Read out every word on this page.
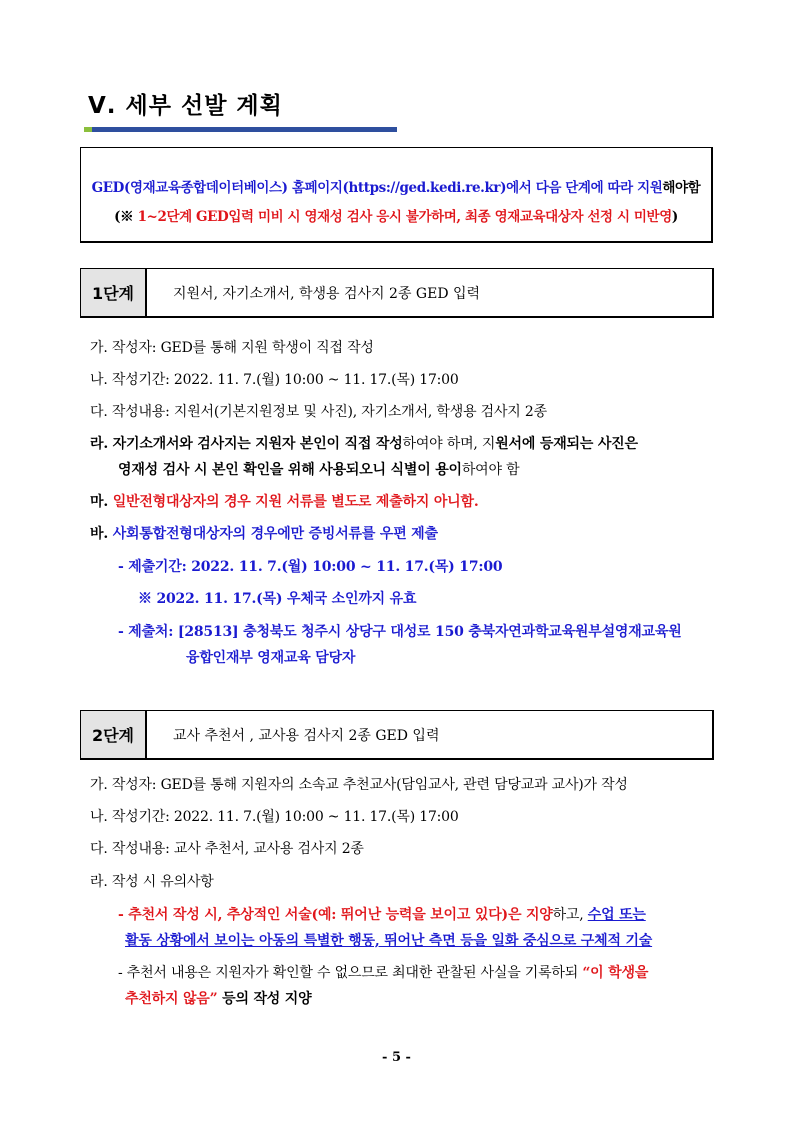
Ⅴ. 세부 선발 계획
GED(영재교육종합데이터베이스) 홈페이지(https://ged.kedi.re.kr)에서 다음 단계에 따라 지원해야함
(※ 1~2단계 GED입력 미비 시 영재성 검사 응시 불가하며, 최종 영재교육대상자 선정 시 미반영)
1단계	지원서, 자기소개서, 학생용 검사지 2종 GED 입력
가. 작성자: GED를 통해 지원 학생이 직접 작성
나. 작성기간: 2022. 11. 7.(월) 10:00 ~ 11. 17.(목) 17:00
다. 작성내용: 지원서(기본지원정보 및 사진), 자기소개서, 학생용 검사지 2종
라. 자기소개서와 검사지는 지원자 본인이 직접 작성하여야 하며, 지원서에 등재되는 사진은
영재성 검사 시 본인 확인을 위해 사용되오니 식별이 용이하여야 함
마. 일반전형대상자의 경우 지원 서류를 별도로 제출하지 아니함.
바. 사회통합전형대상자의 경우에만 증빙서류를 우편 제출
- 제출기간: 2022. 11. 7.(월) 10:00 ~ 11. 17.(목) 17:00
※ 2022. 11. 17.(목) 우체국 소인까지 유효
- 제출처: [28513] 충청북도 청주시 상당구 대성로 150 충북자연과학교육원부설영재교육원
융합인재부 영재교육 담당자
2단계	교사 추천서 , 교사용 검사지 2종 GED 입력
가. 작성자: GED를 통해 지원자의 소속교 추천교사(담임교사, 관련 담당교과 교사)가 작성
나. 작성기간: 2022. 11. 7.(월) 10:00 ~ 11. 17.(목) 17:00
다. 작성내용: 교사 추천서, 교사용 검사지 2종
라. 작성 시 유의사항
- 추천서 작성 시, 추상적인 서술(예: 뛰어난 능력을 보이고 있다)은 지양하고, 수업 또는
활동 상황에서 보이는 아동의 특별한 행동, 뛰어난 측면 등을 일화 중심으로 구체적 기술
- 추천서 내용은 지원자가 확인할 수 없으므로 최대한 관찰된 사실을 기록하되 “이 학생을
추천하지 않음” 등의 작성 지양
- 5 -
